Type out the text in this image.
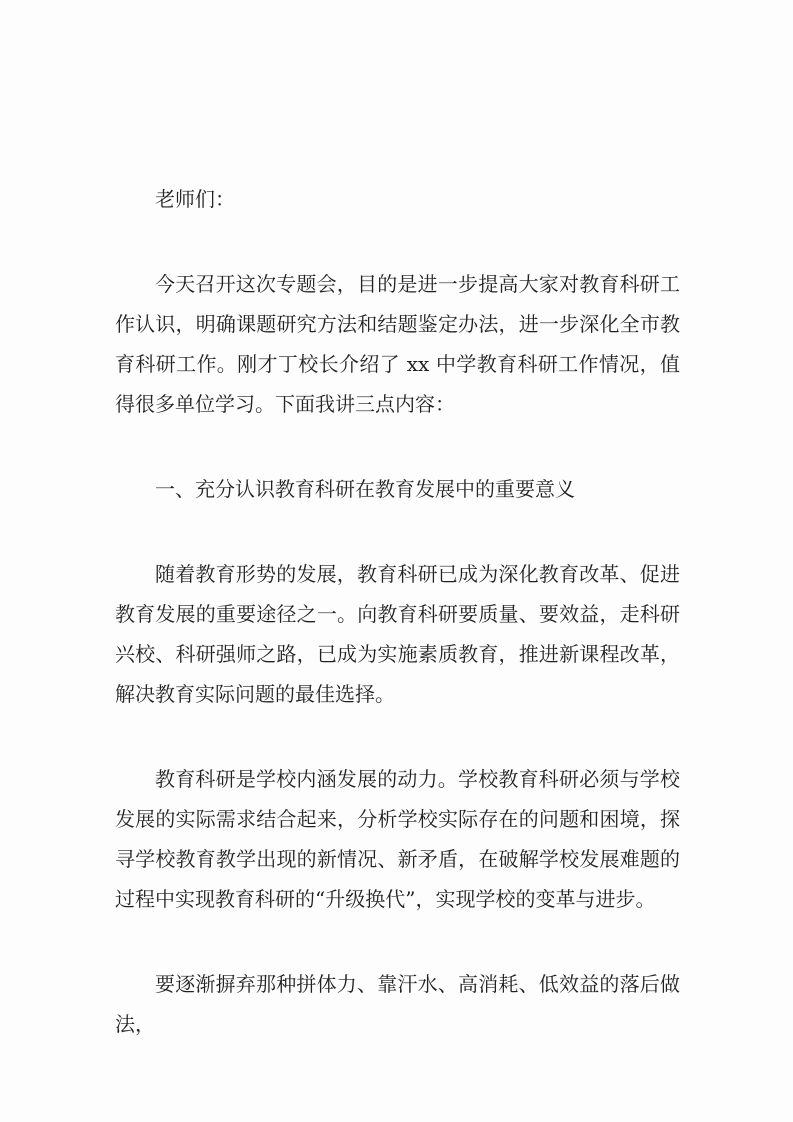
老师们：

今天召开这次专题会，目的是进一步提高大家对教育科研工作认识，明确课题研究方法和结题鉴定办法，进一步深化全市教育科研工作。刚才丁校长介绍了 xx 中学教育科研工作情况，值得很多单位学习。下面我讲三点内容：

一、充分认识教育科研在教育发展中的重要意义

随着教育形势的发展，教育科研已成为深化教育改革、促进教育发展的重要途径之一。向教育科研要质量、要效益，走科研兴校、科研强师之路，已成为实施素质教育，推进新课程改革，解决教育实际问题的最佳选择。

教育科研是学校内涵发展的动力。学校教育科研必须与学校发展的实际需求结合起来，分析学校实际存在的问题和困境，探寻学校教育教学出现的新情况、新矛盾，在破解学校发展难题的过程中实现教育科研的“升级换代”，实现学校的变革与进步。

要逐渐摒弃那种拼体力、靠汗水、高消耗、低效益的落后做法，
